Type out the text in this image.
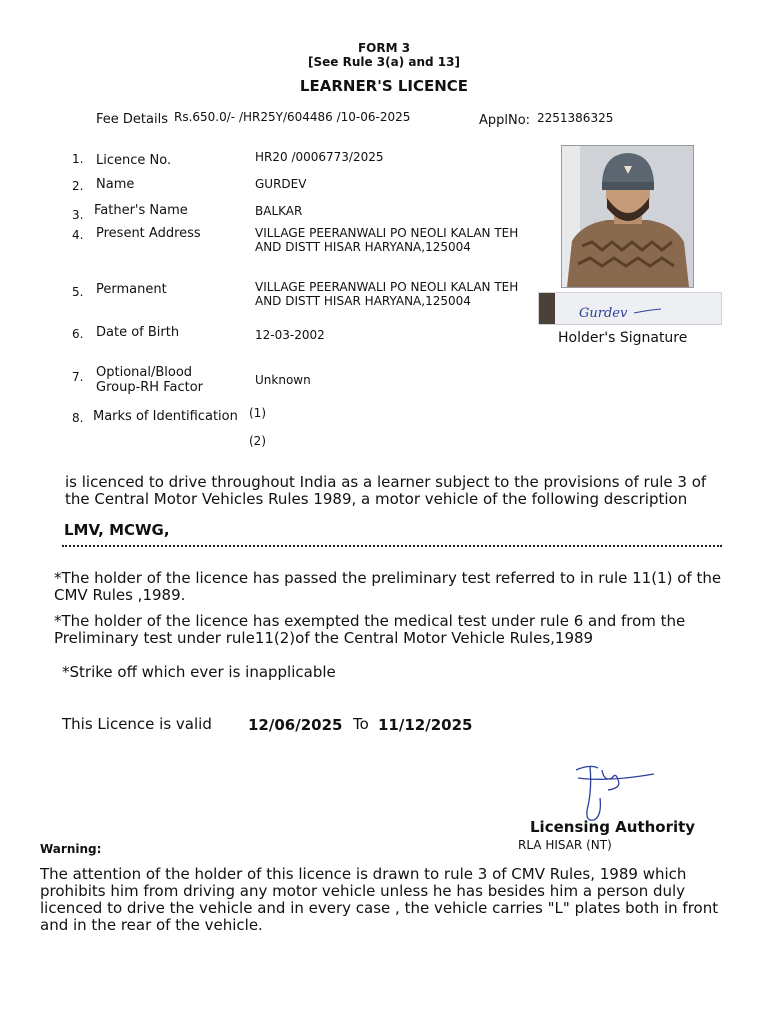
FORM 3
[See Rule 3(a) and 13]
LEARNER'S LICENCE
Fee Details Rs.650.0/- /HR25Y/604486 /10-06-2025	ApplNo: 2251386325
1. Licence No.	HR20 /0006773/2025
2. Name	GURDEV
3. Father's Name	BALKAR
4. Present Address	VILLAGE PEERANWALI PO NEOLI KALAN TEH AND DISTT HISAR HARYANA,125004
5. Permanent	VILLAGE PEERANWALI PO NEOLI KALAN TEH AND DISTT HISAR HARYANA,125004
6. Date of Birth	12-03-2002
7. Optional/Blood Group-RH Factor	Unknown
8. Marks of Identification (1)
(2)
Gurdev
Holder's Signature
is licenced to drive throughout India as a learner subject to the provisions of rule 3 of the Central Motor Vehicles Rules 1989, a motor vehicle of the following description
LMV, MCWG,
*The holder of the licence has passed the preliminary test referred to in rule 11(1) of the CMV Rules ,1989.
*The holder of the licence has exempted the medical test under rule 6 and from the Preliminary test under rule11(2)of the Central Motor Vehicle Rules,1989
*Strike off which ever is inapplicable
This Licence is valid 12/06/2025 To 11/12/2025
Licensing Authority
RLA HISAR (NT)
Warning:
The attention of the holder of this licence is drawn to rule 3 of CMV Rules, 1989 which prohibits him from driving any motor vehicle unless he has besides him a person duly licenced to drive the vehicle and in every case , the vehicle carries "L" plates both in front and in the rear of the vehicle.
